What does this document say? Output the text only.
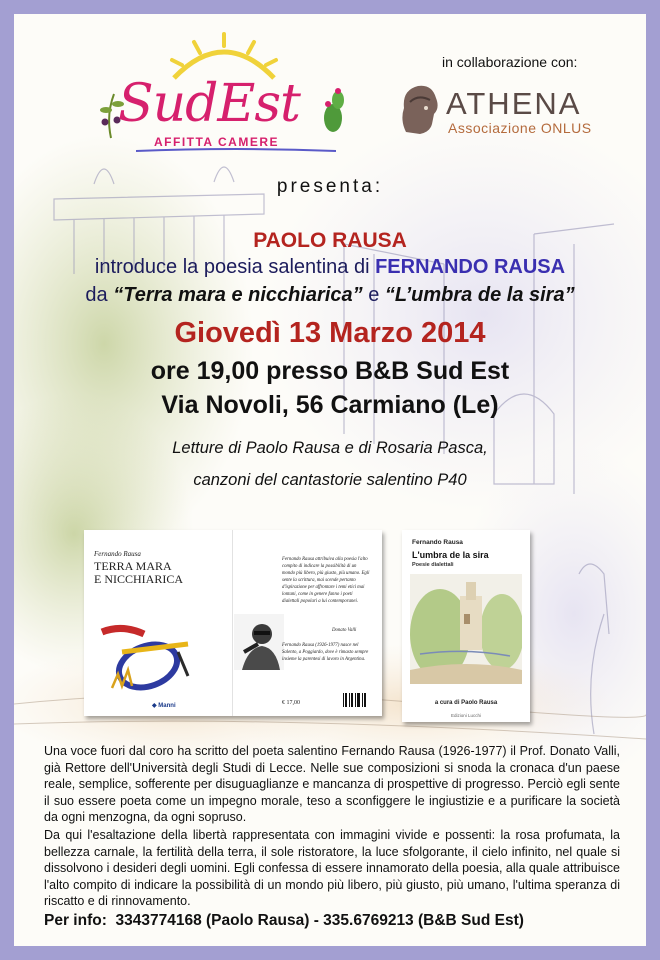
SudEst
AFFITTA CAMERE
in collaborazione con:
ATHENA
Associazione ONLUS
presenta:
PAOLO RAUSA
introduce la poesia salentina di FERNANDO RAUSA
da “Terra mara e nicchiarica” e “L’umbra de la sira”
Giovedì 13 Marzo 2014
ore 19,00 presso B&B Sud Est
Via Novoli, 56 Carmiano (Le)
Letture di Paolo Rausa e di Rosaria Pasca,
canzoni del cantastorie salentino P40
Fernando Rausa
TERRA MARA
E NICCHIARICA
◆ Manni
Fernando Rausa attribuiva alla poesia l'alto compito di indicare la possibilità di un mondo più libero, più giusto, più umano. Egli sente la scrittura, mai scende pertanto d'ispirazione per affrontare i temi etici mai lontani, come in genere fanno i poeti dialettali popolari a lui contemporanei.
Donato Valli
Fernando Rausa (1926-1977) nasce nel Salento, a Poggiardo, dove è rimasto sempre insieme la parentesi di lavoro in Argentina.
€ 17,00
Fernando Rausa
L'umbra de la sira
Poesie dialettali
a cura di Paolo Rausa
Edizioni Lucchi
Una voce fuori dal coro ha scritto del poeta salentino Fernando Rausa (1926-1977) il Prof. Donato Valli, già Rettore dell'Università degli Studi di Lecce. Nelle sue composizioni si snoda la cronaca d'un paese reale, semplice, sofferente per disuguaglianze e mancanza di prospettive di progresso. Perciò egli sente il suo essere poeta come un impegno morale, teso a sconfiggere le ingiustizie e a purificare la società da ogni menzogna, da ogni sopruso.
Da qui l'esaltazione della libertà rappresentata con immagini vivide e possenti: la rosa profumata, la bellezza carnale, la fertilità della terra, il sole ristoratore, la luce sfolgorante, il cielo infinito, nel quale si dissolvono i desideri degli uomini. Egli confessa di essere innamorato della poesia, alla quale attribuisce l'alto compito di indicare la possibilità di un mondo più libero, più giusto, più umano, l'ultima speranza di riscatto e di rinnovamento.
Per info: 3343774168 (Paolo Rausa) - 335.6769213 (B&B Sud Est)
